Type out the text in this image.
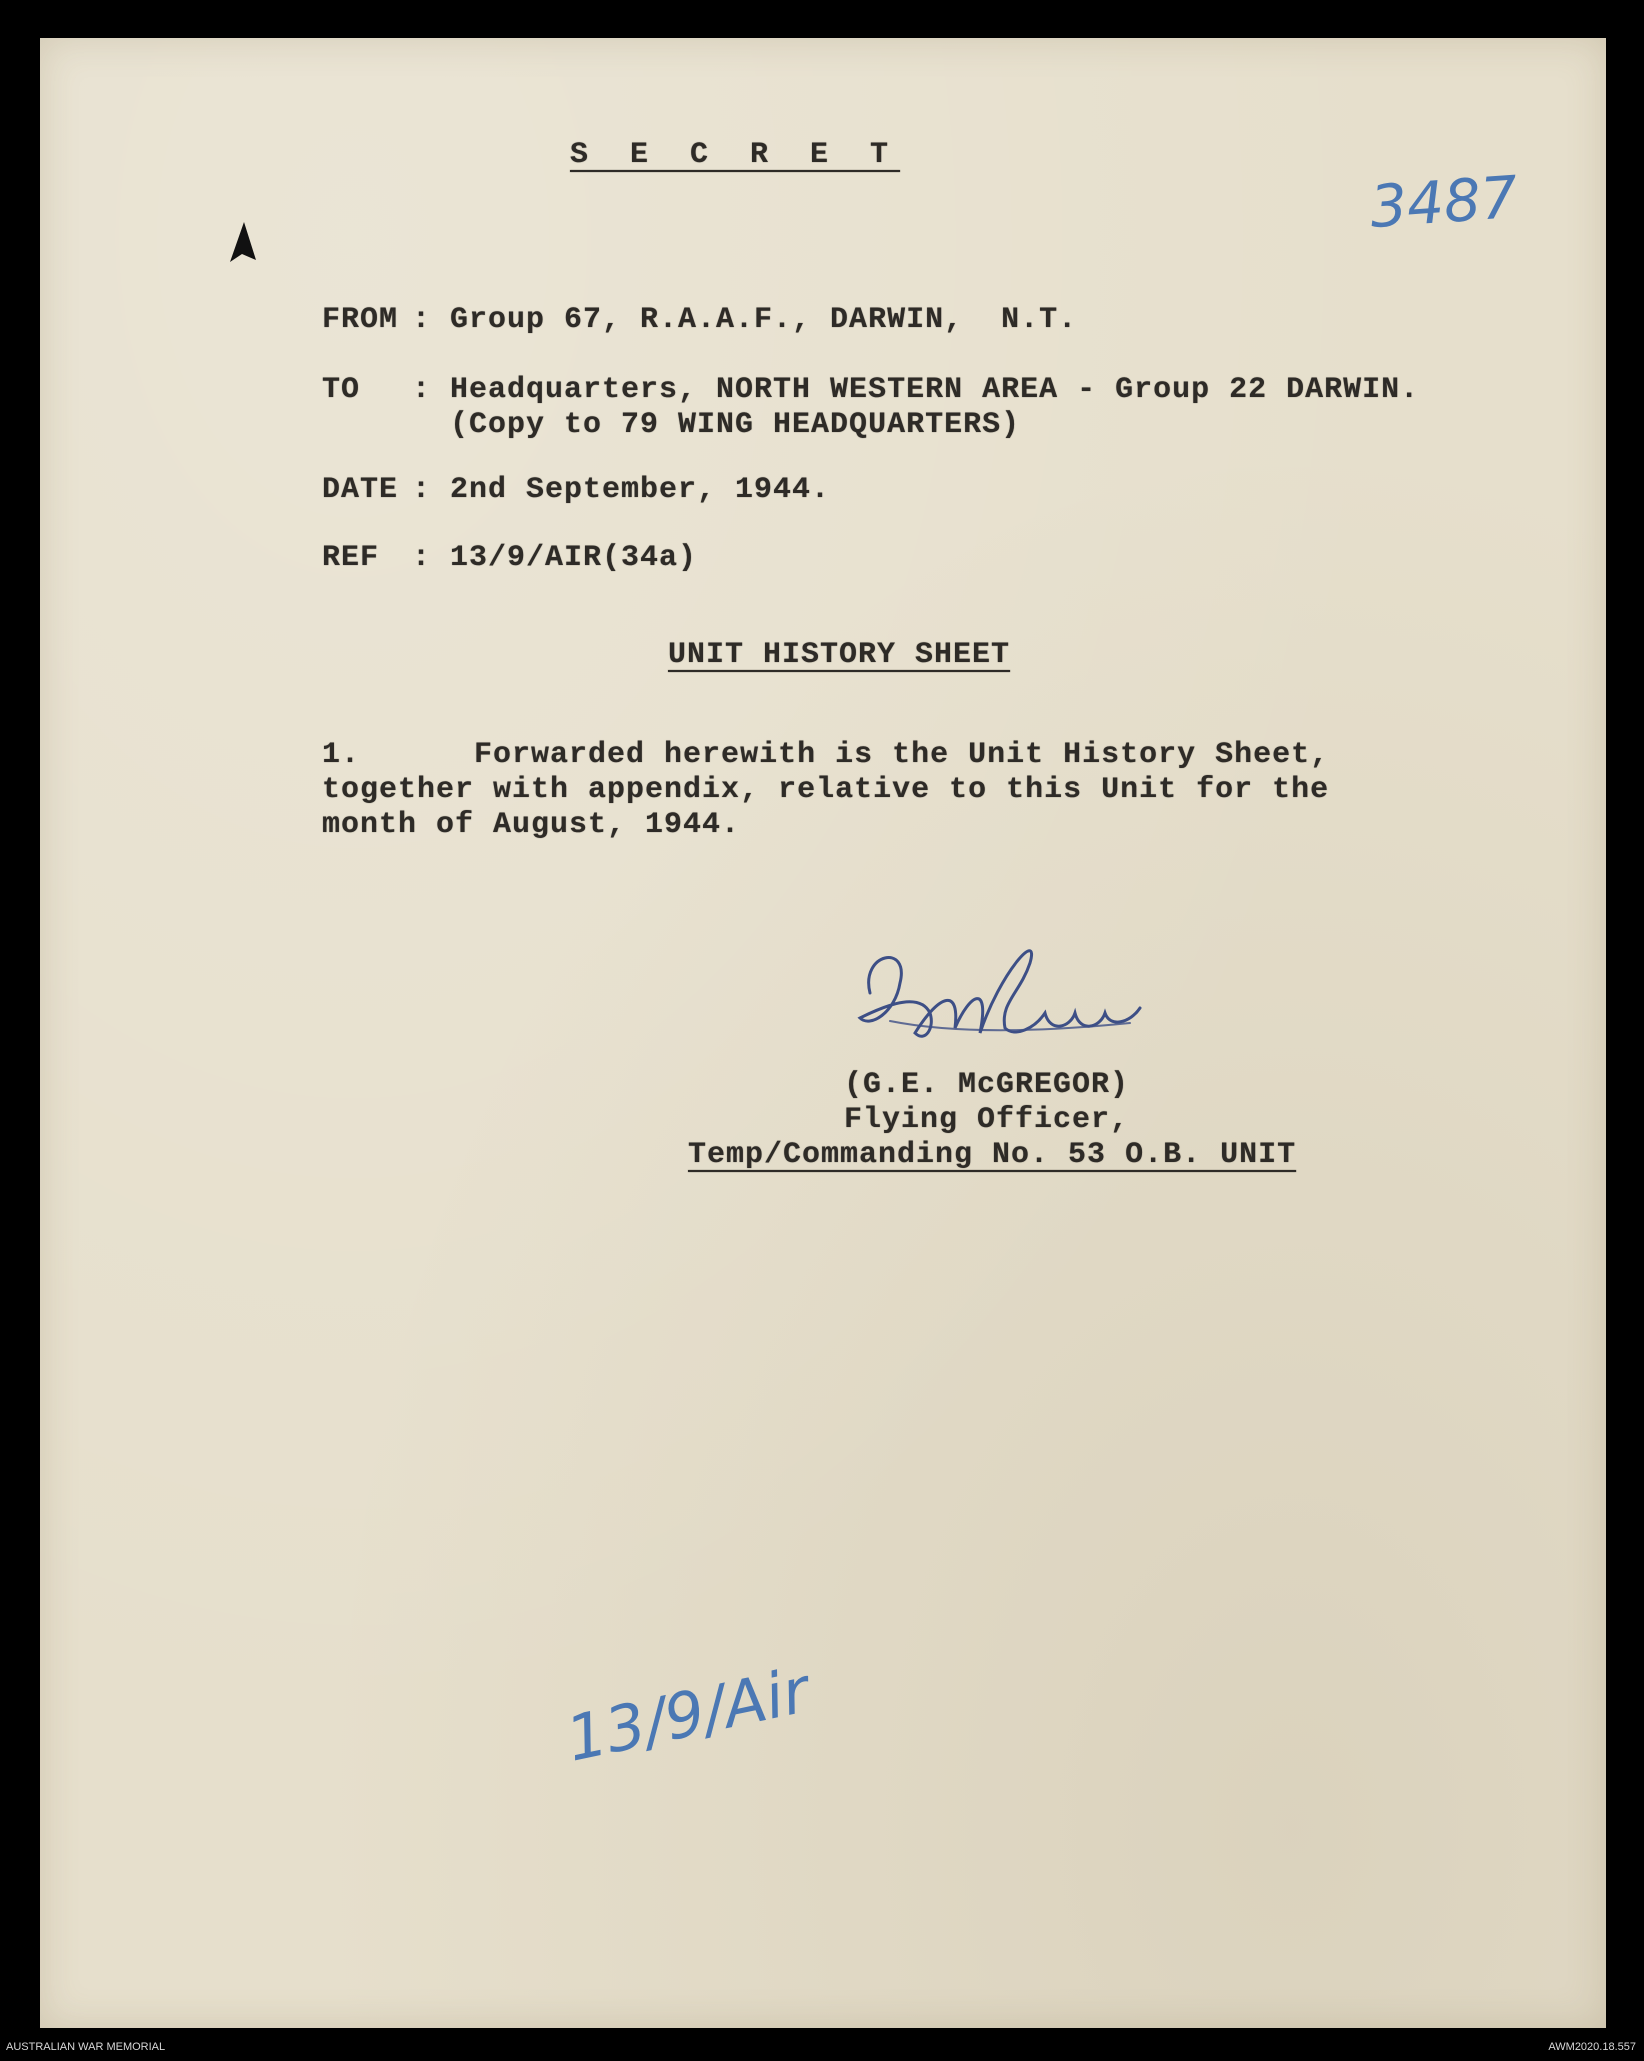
S E C R E T
3487
FROM : Group 67, R.A.A.F., DARWIN,  N.T.
TO : Headquarters, NORTH WESTERN AREA - Group 22 DARWIN.
(Copy to 79 WING HEADQUARTERS)
DATE : 2nd September, 1944.
REF : 13/9/AIR(34a)
UNIT HISTORY SHEET
1.      Forwarded herewith is the Unit History Sheet,
together with appendix, relative to this Unit for the
month of August, 1944.
(G.E. McGREGOR)
Flying Officer,
Temp/Commanding No. 53 O.B. UNIT
13/9/Air
AUSTRALIAN WAR MEMORIAL	AWM2020.18.557
